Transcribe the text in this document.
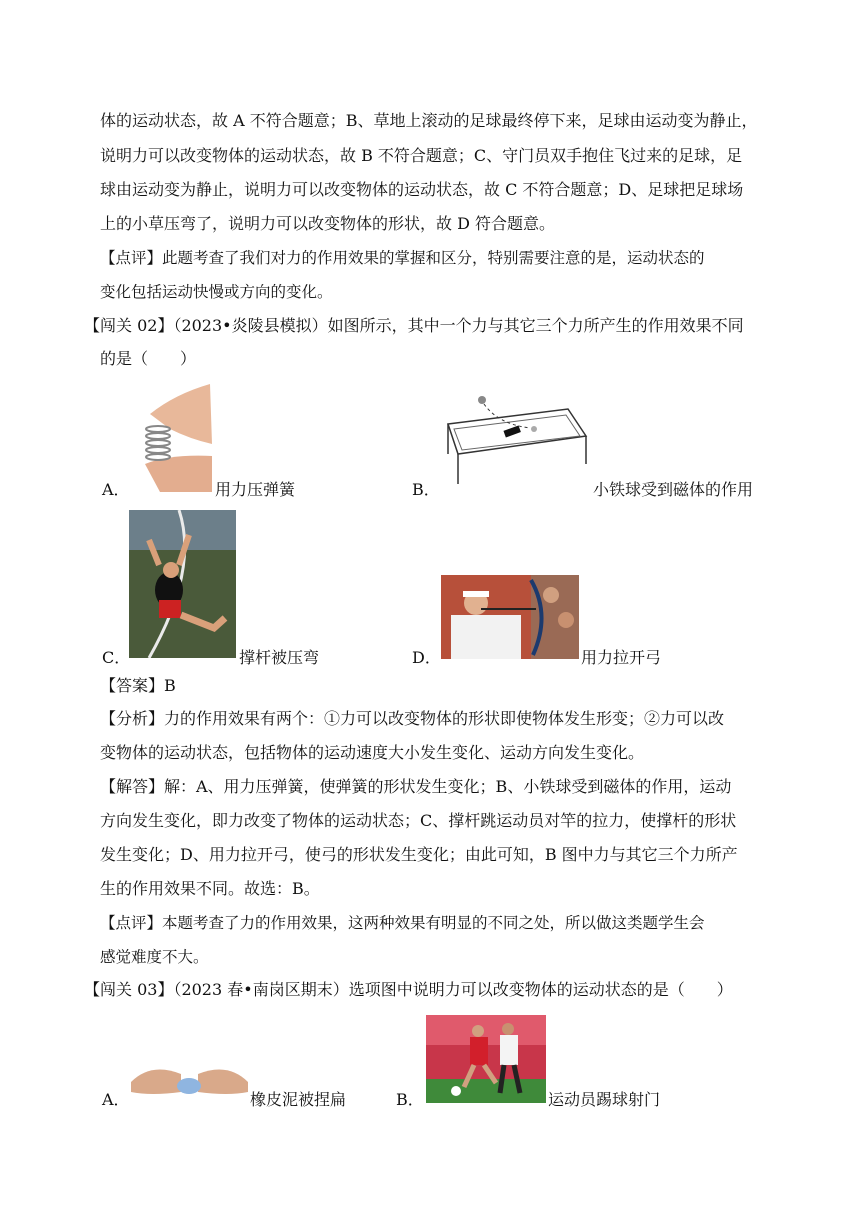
体的运动状态，故 A 不符合题意；B、草地上滚动的足球最终停下来，足球由运动变为静止，
说明力可以改变物体的运动状态，故 B 不符合题意；C、守门员双手抱住飞过来的足球，足
球由运动变为静止，说明力可以改变物体的运动状态，故 C 不符合题意；D、足球把足球场
上的小草压弯了，说明力可以改变物体的形状，故 D 符合题意。
【点评】此题考查了我们对力的作用效果的掌握和区分，特别需要注意的是，运动状态的
变化包括运动快慢或方向的变化。
【闯关 02】（2023•炎陵县模拟）如图所示，其中一个力与其它三个力所产生的作用效果不同
的是（　　）
A．	用力压弹簧	B．	小铁球受到磁体的作用
C．	撑杆被压弯	D．	用力拉开弓
【答案】B
【分析】力的作用效果有两个：①力可以改变物体的形状即使物体发生形变；②力可以改
变物体的运动状态，包括物体的运动速度大小发生变化、运动方向发生变化。
【解答】解：A、用力压弹簧，使弹簧的形状发生变化；B、小铁球受到磁体的作用，运动
方向发生变化，即力改变了物体的运动状态；C、撑杆跳运动员对竿的拉力，使撑杆的形状
发生变化；D、用力拉开弓，使弓的形状发生变化；由此可知，B 图中力与其它三个力所产
生的作用效果不同。故选：B。
【点评】本题考查了力的作用效果，这两种效果有明显的不同之处，所以做这类题学生会
感觉难度不大。
【闯关 03】（2023 春•南岗区期末）选项图中说明力可以改变物体的运动状态的是（　　）
A．	橡皮泥被捏扁	B．	运动员踢球射门
